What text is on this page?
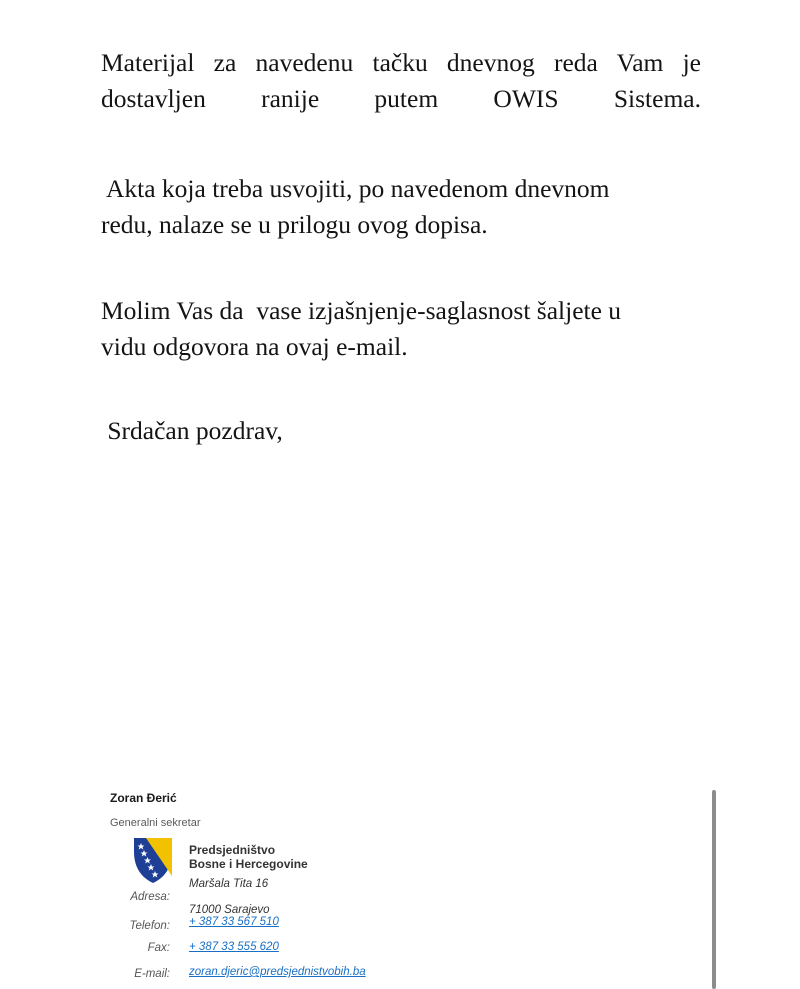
Materijal  za  navedenu  tačku  dnevnog  reda  Vam  je
dostavljen ranije putem OWIS Sistema.
Akta koja treba usvojiti, po navedenom dnevnom
redu, nalaze se u prilogu ovog dopisa.
Molim Vas da  vase izjašnjenje-saglasnost šaljete u
vidu odgovora na ovaj e-mail.
Srdačan pozdrav,
Zoran Đerić
Generalni sekretar
Predsjedništvo
Bosne i Hercegovine
Adresa:
Maršala Tita 16
71000 Sarajevo
Telefon: + 387 33 567 510
Fax: + 387 33 555 620
E-mail: zoran.djeric@predsjednistvobih.ba
